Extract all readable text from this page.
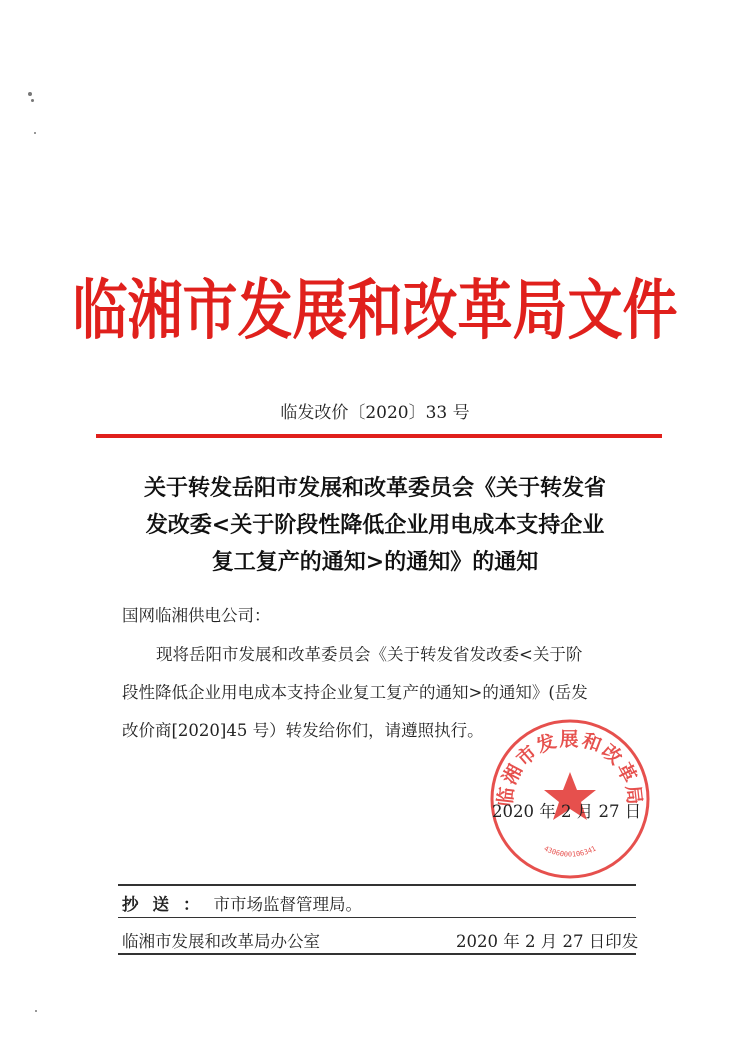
临湘市发展和改革局文件
临发改价〔2020〕33 号
关于转发岳阳市发展和改革委员会《关于转发省
发改委<关于阶段性降低企业用电成本支持企业
复工复产的通知>的通知》的通知
国网临湘供电公司：
现将岳阳市发展和改革委员会《关于转发省发改委<关于阶
段性降低企业用电成本支持企业复工复产的通知>的通知》(岳发
改价商[2020]45 号）转发给你们，请遵照执行。
临湘市发展和改革局
4306000106341
2020 年 2 月 27 日
抄送：市市场监督管理局。
临湘市发展和改革局办公室	2020 年 2 月 27 日印发
